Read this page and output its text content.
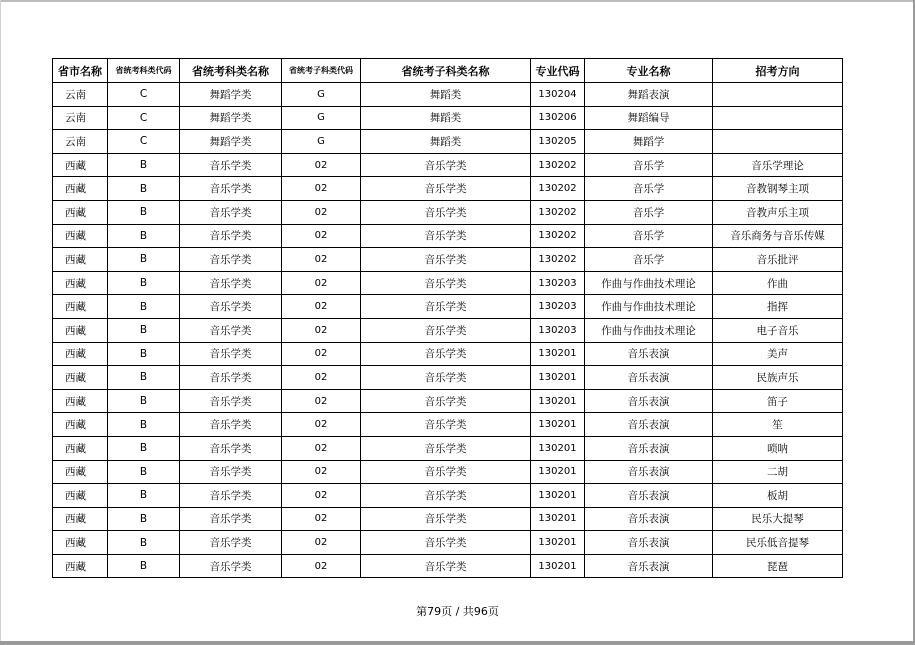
省市名称	省统考科类代码	省统考科类名称	省统考子科类代码	省统考子科类名称	专业代码	专业名称	招考方向
云南	C	舞蹈学类	G	舞蹈类	130204	舞蹈表演	
云南	C	舞蹈学类	G	舞蹈类	130206	舞蹈编导	
云南	C	舞蹈学类	G	舞蹈类	130205	舞蹈学	
西藏	B	音乐学类	02	音乐学类	130202	音乐学	音乐学理论
西藏	B	音乐学类	02	音乐学类	130202	音乐学	音教钢琴主项
西藏	B	音乐学类	02	音乐学类	130202	音乐学	音教声乐主项
西藏	B	音乐学类	02	音乐学类	130202	音乐学	音乐商务与音乐传媒
西藏	B	音乐学类	02	音乐学类	130202	音乐学	音乐批评
西藏	B	音乐学类	02	音乐学类	130203	作曲与作曲技术理论	作曲
西藏	B	音乐学类	02	音乐学类	130203	作曲与作曲技术理论	指挥
西藏	B	音乐学类	02	音乐学类	130203	作曲与作曲技术理论	电子音乐
西藏	B	音乐学类	02	音乐学类	130201	音乐表演	美声
西藏	B	音乐学类	02	音乐学类	130201	音乐表演	民族声乐
西藏	B	音乐学类	02	音乐学类	130201	音乐表演	笛子
西藏	B	音乐学类	02	音乐学类	130201	音乐表演	笙
西藏	B	音乐学类	02	音乐学类	130201	音乐表演	唢呐
西藏	B	音乐学类	02	音乐学类	130201	音乐表演	二胡
西藏	B	音乐学类	02	音乐学类	130201	音乐表演	板胡
西藏	B	音乐学类	02	音乐学类	130201	音乐表演	民乐大提琴
西藏	B	音乐学类	02	音乐学类	130201	音乐表演	民乐低音提琴
西藏	B	音乐学类	02	音乐学类	130201	音乐表演	琵琶
第79页 / 共96页
